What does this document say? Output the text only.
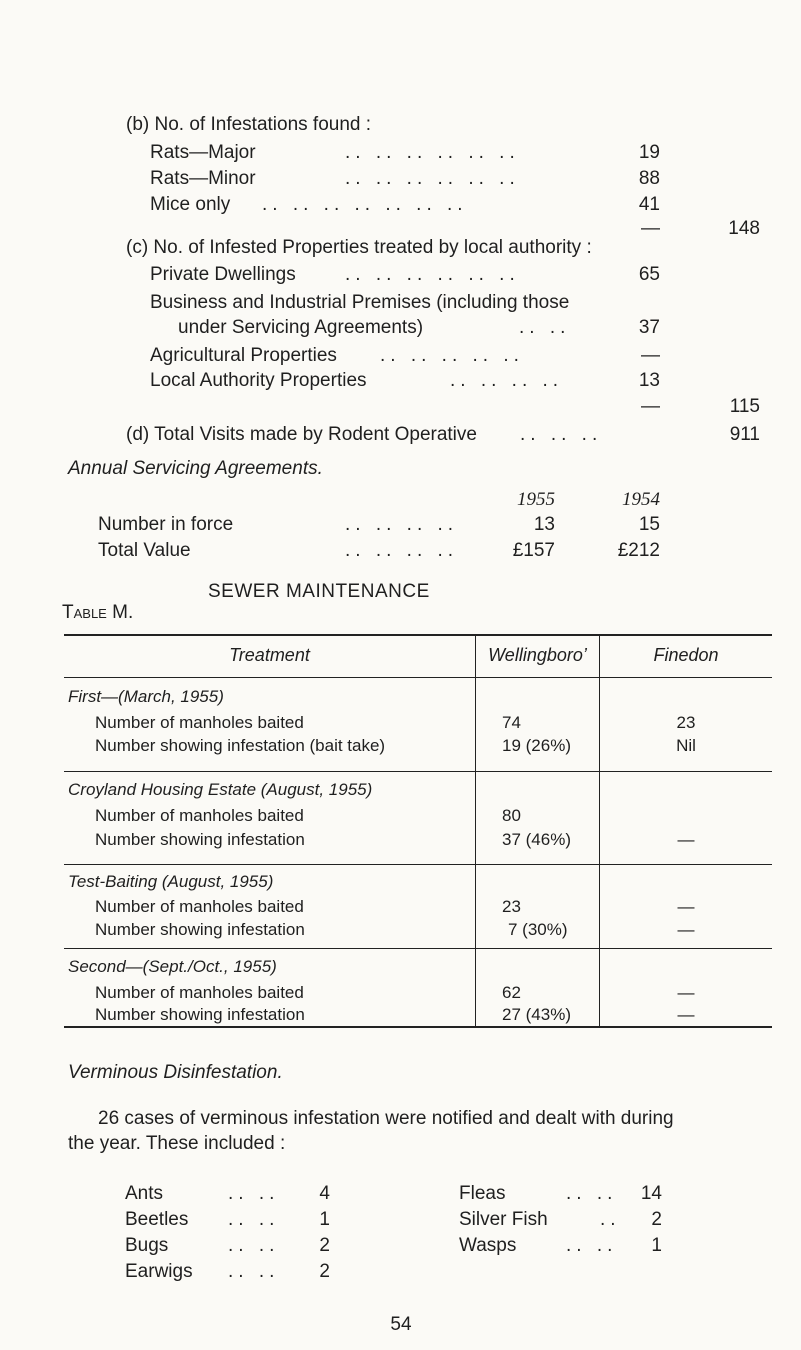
(b) No. of Infestations found :
Rats—Major	.. .. .. .. .. ..	19
Rats—Minor	.. .. .. .. .. ..	88
Mice only .. .. .. .. .. .. ..	41
—	148
(c) No. of Infested Properties treated by local authority :
Private Dwellings	.. .. .. .. .. ..	65
Business and Industrial Premises (including those
under Servicing Agreements)	.. ..	37
Agricultural Properties .. .. .. .. ..	—
Local Authority Properties	.. .. .. ..	13
—	115
(d) Total Visits made by Rodent Operative .. .. ..	911
Annual Servicing Agreements.
1955	1954
Number in force	.. .. .. ..	13	15
Total Value	.. .. .. ..	£157	£212
SEWER MAINTENANCE
Table M.
Treatment	Wellingboro’	Finedon
First—(March, 1955)
Number of manholes baited	74	23
Number showing infestation (bait take)	19 (26%)	Nil
Croyland Housing Estate (August, 1955)
Number of manholes baited	80
Number showing infestation	37 (46%)	—
Test-Baiting (August, 1955)
Number of manholes baited	23	—
Number showing infestation	7 (30%)	—
Second—(Sept./Oct., 1955)
Number of manholes baited	62	—
Number showing infestation	27 (43%)	—
Verminous Disinfestation.
26 cases of verminous infestation were notified and dealt with during
the year. These included :
Ants	.. ..	4
Beetles .. ..	1
Bugs	.. ..	2
Earwigs .. ..	2
Fleas	.. ..	14
Silver Fish	..	2
Wasps	.. ..	1
54
